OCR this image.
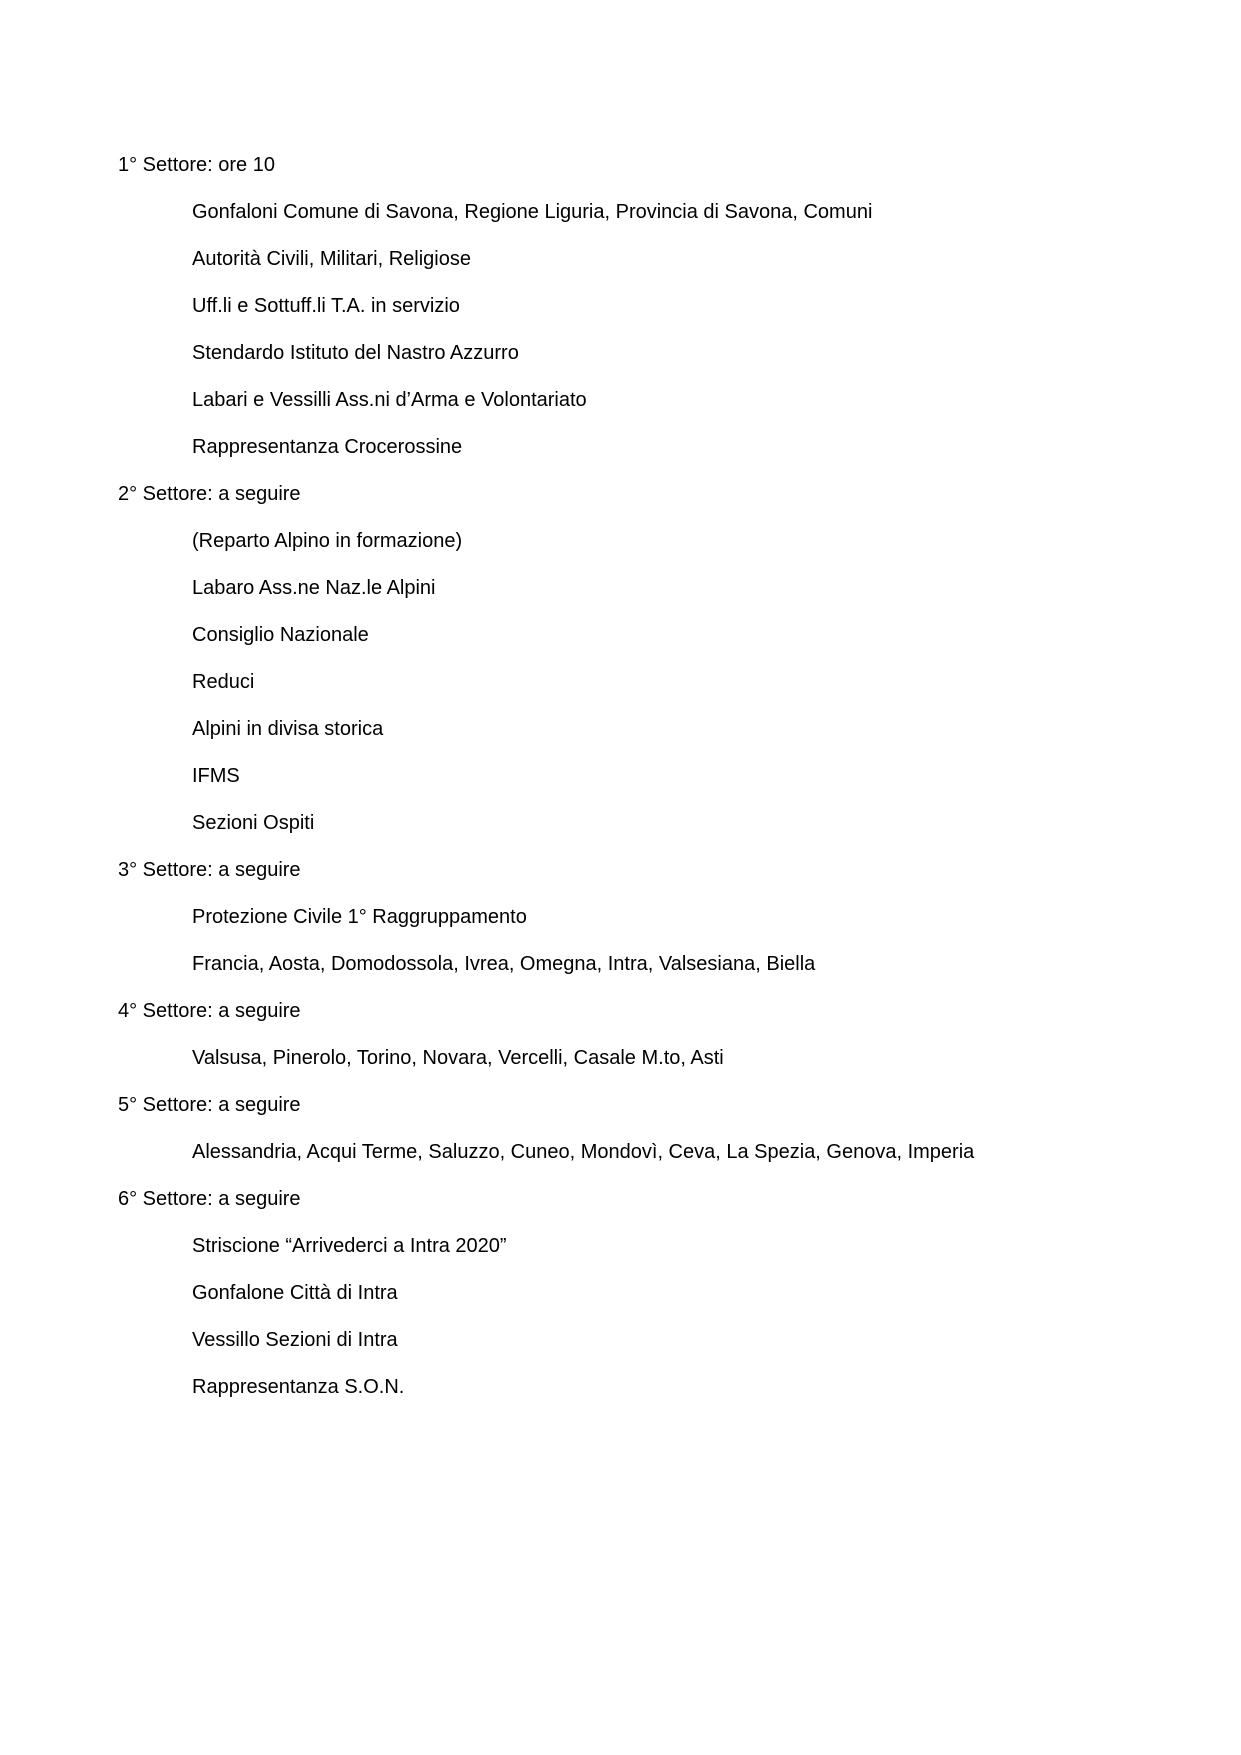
1° Settore: ore 10

Gonfaloni Comune di Savona, Regione Liguria, Provincia di Savona, Comuni
Autorità Civili, Militari, Religiose
Uff.li e Sottuff.li T.A. in servizio
Stendardo Istituto del Nastro Azzurro
Labari e Vessilli Ass.ni d’Arma e Volontariato
Rappresentanza Crocerossine

2° Settore: a seguire

(Reparto Alpino in formazione)
Labaro Ass.ne Naz.le Alpini
Consiglio Nazionale
Reduci
Alpini in divisa storica
IFMS
Sezioni Ospiti

3° Settore: a seguire

Protezione Civile 1° Raggruppamento
Francia, Aosta, Domodossola, Ivrea, Omegna, Intra, Valsesiana, Biella

4° Settore: a seguire

Valsusa, Pinerolo, Torino, Novara, Vercelli, Casale M.to, Asti

5° Settore: a seguire

Alessandria, Acqui Terme, Saluzzo, Cuneo, Mondovì, Ceva, La Spezia, Genova, Imperia

6° Settore: a seguire

Striscione “Arrivederci a Intra 2020”
Gonfalone Città di Intra
Vessillo Sezioni di Intra
Rappresentanza S.O.N.
